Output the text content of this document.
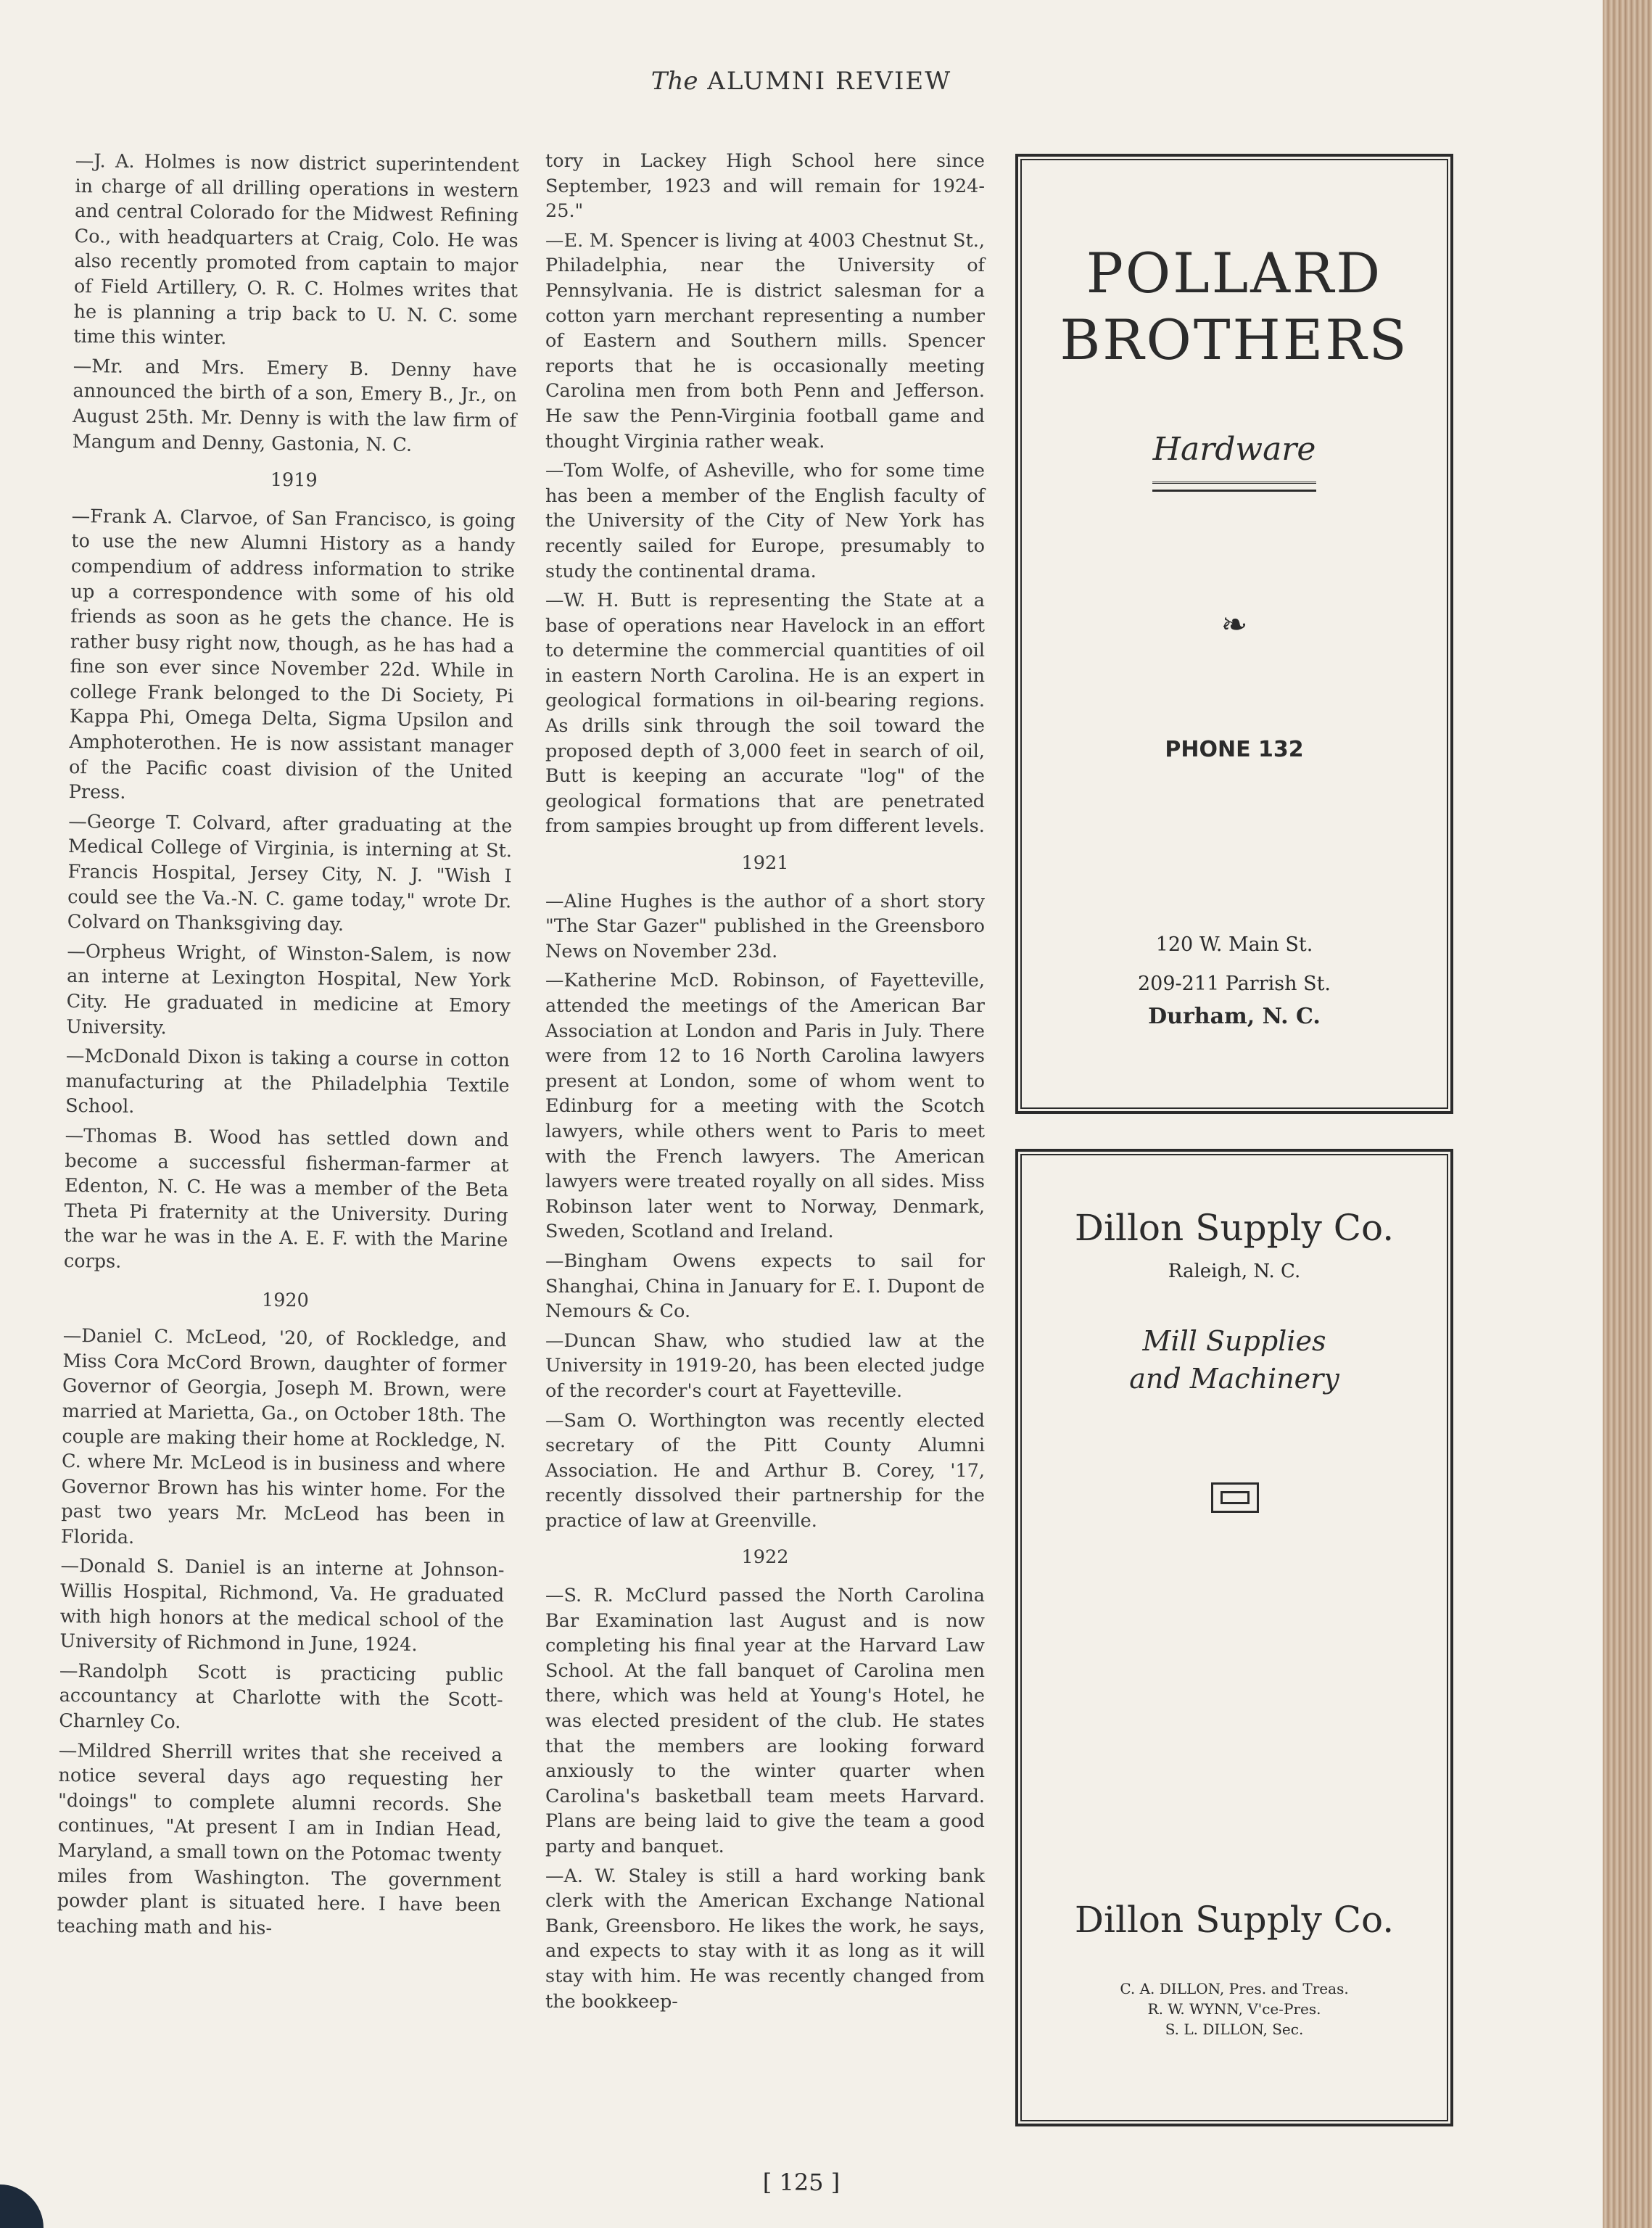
The ALUMNI REVIEW

—J. A. Holmes is now district superintendent in charge of all drilling operations in western and central Colorado for the Midwest Refining Co., with headquarters at Craig, Colo. He was also recently promoted from captain to major of Field Artillery, O. R. C. Holmes writes that he is planning a trip back to U. N. C. some time this winter.

—Mr. and Mrs. Emery B. Denny have announced the birth of a son, Emery B., Jr., on August 25th. Mr. Denny is with the law firm of Mangum and Denny, Gastonia, N. C.

1919

—Frank A. Clarvoe, of San Francisco, is going to use the new Alumni History as a handy compendium of address information to strike up a correspondence with some of his old friends as soon as he gets the chance. He is rather busy right now, though, as he has had a fine son ever since November 22d. While in college Frank belonged to the Di Society, Pi Kappa Phi, Omega Delta, Sigma Upsilon and Amphoterothen. He is now assistant manager of the Pacific coast division of the United Press.

—George T. Colvard, after graduating at the Medical College of Virginia, is interning at St. Francis Hospital, Jersey City, N. J. "Wish I could see the Va.-N. C. game today," wrote Dr. Colvard on Thanksgiving day.

—Orpheus Wright, of Winston-Salem, is now an interne at Lexington Hospital, New York City. He graduated in medicine at Emory University.

—McDonald Dixon is taking a course in cotton manufacturing at the Philadelphia Textile School.

—Thomas B. Wood has settled down and become a successful fisherman-farmer at Edenton, N. C. He was a member of the Beta Theta Pi fraternity at the University. During the war he was in the A. E. F. with the Marine corps.

1920

—Daniel C. McLeod, '20, of Rockledge, and Miss Cora McCord Brown, daughter of former Governor of Georgia, Joseph M. Brown, were married at Marietta, Ga., on October 18th. The couple are making their home at Rockledge, N. C. where Mr. McLeod is in business and where Governor Brown has his winter home. For the past two years Mr. McLeod has been in Florida.

—Donald S. Daniel is an interne at Johnson-Willis Hospital, Richmond, Va. He graduated with high honors at the medical school of the University of Richmond in June, 1924.

—Randolph Scott is practicing public accountancy at Charlotte with the Scott-Charnley Co.

—Mildred Sherrill writes that she received a notice several days ago requesting her "doings" to complete alumni records. She continues, "At present I am in Indian Head, Maryland, a small town on the Potomac twenty miles from Washington. The government powder plant is situated here. I have been teaching math and his-

tory in Lackey High School here since September, 1923 and will remain for 1924-25."

—E. M. Spencer is living at 4003 Chestnut St., Philadelphia, near the University of Pennsylvania. He is district salesman for a cotton yarn merchant representing a number of Eastern and Southern mills. Spencer reports that he is occasionally meeting Carolina men from both Penn and Jefferson. He saw the Penn-Virginia football game and thought Virginia rather weak.

—Tom Wolfe, of Asheville, who for some time has been a member of the English faculty of the University of the City of New York has recently sailed for Europe, presumably to study the continental drama.

—W. H. Butt is representing the State at a base of operations near Havelock in an effort to determine the commercial quantities of oil in eastern North Carolina. He is an expert in geological formations in oil-bearing regions. As drills sink through the soil toward the proposed depth of 3,000 feet in search of oil, Butt is keeping an accurate "log" of the geological formations that are penetrated from sampies brought up from different levels.

1921

—Aline Hughes is the author of a short story "The Star Gazer" published in the Greensboro News on November 23d.

—Katherine McD. Robinson, of Fayetteville, attended the meetings of the American Bar Association at London and Paris in July. There were from 12 to 16 North Carolina lawyers present at London, some of whom went to Edinburg for a meeting with the Scotch lawyers, while others went to Paris to meet with the French lawyers. The American lawyers were treated royally on all sides. Miss Robinson later went to Norway, Denmark, Sweden, Scotland and Ireland.

—Bingham Owens expects to sail for Shanghai, China in January for E. I. Dupont de Nemours & Co.

—Duncan Shaw, who studied law at the University in 1919-20, has been elected judge of the recorder's court at Fayetteville.

—Sam O. Worthington was recently elected secretary of the Pitt County Alumni Association. He and Arthur B. Corey, '17, recently dissolved their partnership for the practice of law at Greenville.

1922

—S. R. McClurd passed the North Carolina Bar Examination last August and is now completing his final year at the Harvard Law School. At the fall banquet of Carolina men there, which was held at Young's Hotel, he was elected president of the club. He states that the members are looking forward anxiously to the winter quarter when Carolina's basketball team meets Harvard. Plans are being laid to give the team a good party and banquet.

—A. W. Staley is still a hard working bank clerk with the American Exchange National Bank, Greensboro. He likes the work, he says, and expects to stay with it as long as it will stay with him. He was recently changed from the bookkeep-

POLLARD
BROTHERS
Hardware
❧
PHONE 132
120 W. Main St.
209-211 Parrish St.
Durham, N. C.
Dillon Supply Co.
Raleigh, N. C.
Mill Supplies
and Machinery
Dillon Supply Co.
C. A. DILLON, Pres. and Treas.
R. W. WYNN, V'ce-Pres.
S. L. DILLON, Sec.
[ 125 ]
